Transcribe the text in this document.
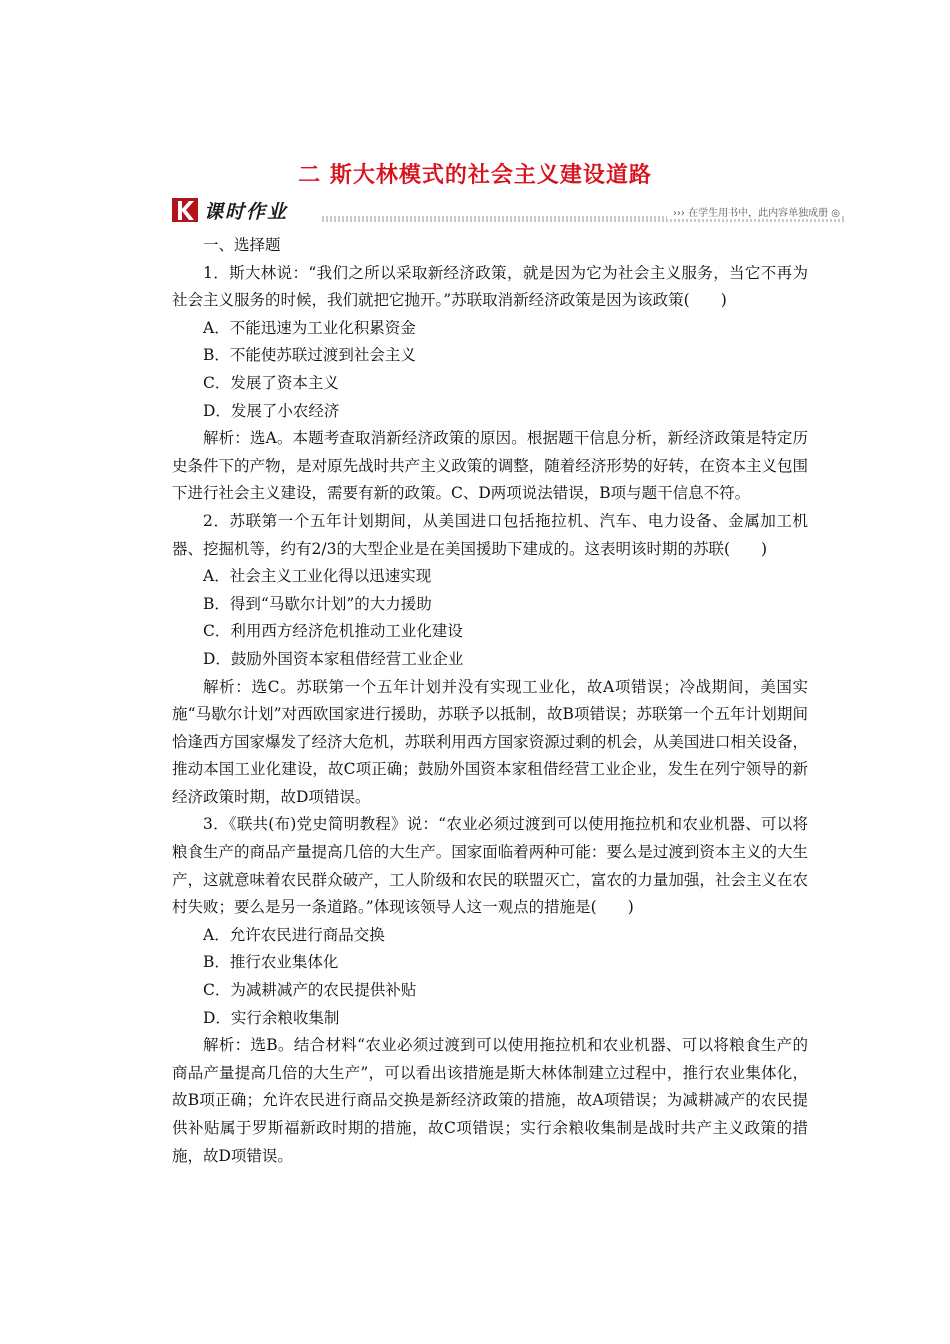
二 斯大林模式的社会主义建设道路
课时作业	››› 在学生用书中，此内容单独成册 ◎

一、选择题

1．斯大林说：“我们之所以采取新经济政策，就是因为它为社会主义服务，当它不再为社会主义服务的时候，我们就把它抛开。”苏联取消新经济政策是因为该政策(　　)

A．不能迅速为工业化积累资金

B．不能使苏联过渡到社会主义

C．发展了资本主义

D．发展了小农经济

解析：选A。本题考查取消新经济政策的原因。根据题干信息分析，新经济政策是特定历史条件下的产物，是对原先战时共产主义政策的调整，随着经济形势的好转，在资本主义包围下进行社会主义建设，需要有新的政策。C、D两项说法错误，B项与题干信息不符。

2．苏联第一个五年计划期间，从美国进口包括拖拉机、汽车、电力设备、金属加工机器、挖掘机等，约有2/3的大型企业是在美国援助下建成的。这表明该时期的苏联(　　)

A．社会主义工业化得以迅速实现

B．得到“马歇尔计划”的大力援助

C．利用西方经济危机推动工业化建设

D．鼓励外国资本家租借经营工业企业

解析：选C。苏联第一个五年计划并没有实现工业化，故A项错误；冷战期间，美国实施“马歇尔计划”对西欧国家进行援助，苏联予以抵制，故B项错误；苏联第一个五年计划期间恰逢西方国家爆发了经济大危机，苏联利用西方国家资源过剩的机会，从美国进口相关设备，推动本国工业化建设，故C项正确；鼓励外国资本家租借经营工业企业，发生在列宁领导的新经济政策时期，故D项错误。

3．《联共(布)党史简明教程》说：“农业必须过渡到可以使用拖拉机和农业机器、可以将粮食生产的商品产量提高几倍的大生产。国家面临着两种可能：要么是过渡到资本主义的大生产，这就意味着农民群众破产，工人阶级和农民的联盟灭亡，富农的力量加强，社会主义在农村失败；要么是另一条道路。”体现该领导人这一观点的措施是(　　)

A．允许农民进行商品交换

B．推行农业集体化

C．为减耕减产的农民提供补贴

D．实行余粮收集制

解析：选B。结合材料“农业必须过渡到可以使用拖拉机和农业机器、可以将粮食生产的商品产量提高几倍的大生产”，可以看出该措施是斯大林体制建立过程中，推行农业集体化，故B项正确；允许农民进行商品交换是新经济政策的措施，故A项错误；为减耕减产的农民提供补贴属于罗斯福新政时期的措施，故C项错误；实行余粮收集制是战时共产主义政策的措施，故D项错误。
